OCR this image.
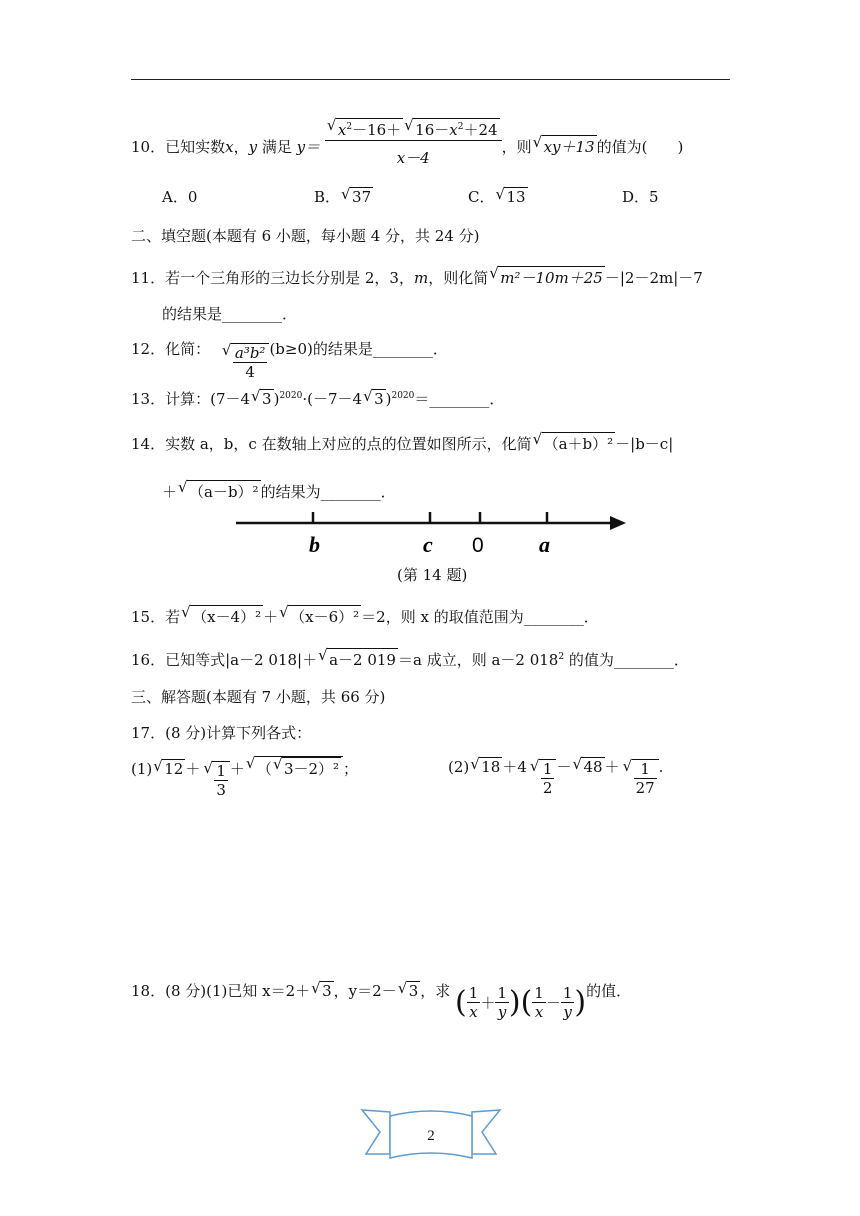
10．已知实数x，y 满足 y＝ √ $\frac{x^2-16+ √ 16-x^2+24}{x-4}$ ，则 √ xy＋13 的值为(　　)
A．0	B． √ 37	C． √ 13	D．5
二、填空题(本题有 6 小题，每小题 4 分，共 24 分)
11．若一个三角形的三边长分别是 2，3，m，则化简 √ m²－10m＋25 －|2－2m|－7
的结果是________．
12．化简： √ $\frac{\text{a³b²}}{4} (b\ge 0)$的结果是________．
13．计算：(7－4 √ 3 )$^{2020}$·(－7－4 √ 3 )$^{2020}$＝________．
14．实数 a，b，c 在数轴上对应的点的位置如图所示，化简 √ （a＋b）² －|b－c|
＋ √ （a－b）² 的结果为________．
b	c 0	a
(第 14 题)
15．若 √ （x－4）² ＋ √ （x－6）² ＝2，则 x 的取值范围为________．
16．已知等式|a－2 018|＋ √ a－2 019 ＝a 成立，则 a－2 $018^2$ 的值为________．
三、解答题(本题有 7 小题，共 66 分)
17．(8 分)计算下列各式：
(1) √ 12 ＋ √ $\frac{1}{3}$ ＋ √ （ √ 3－2）² ；	(2) √ 18 ＋4 √ $\frac{1}{2}$ － √ 48 ＋ √ $\frac{1}{27}$ .
18．(8 分)(1)已知 x＝2＋ √ 3 ，y＝2－ √ 3 ，求 ( $\frac{1}{x} + \frac{1}{y}$ )( $\frac{1}{x} - \frac{1}{y}$ )的值．
2
